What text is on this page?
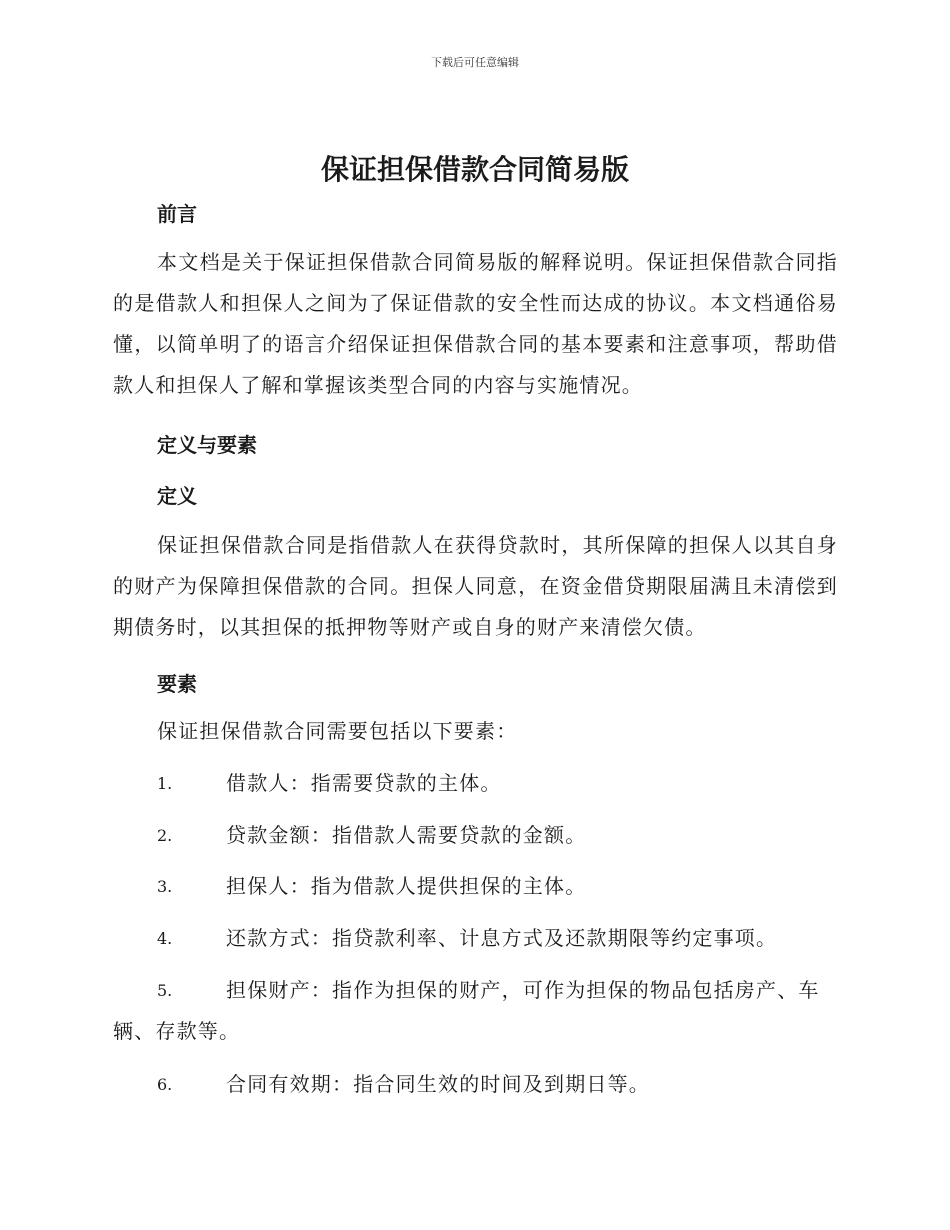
下载后可任意编辑
保证担保借款合同简易版
前言
本文档是关于保证担保借款合同简易版的解释说明。保证担保借款合同指的是借款人和担保人之间为了保证借款的安全性而达成的协议。本文档通俗易懂，以简单明了的语言介绍保证担保借款合同的基本要素和注意事项，帮助借款人和担保人了解和掌握该类型合同的内容与实施情况。
定义与要素
定义
保证担保借款合同是指借款人在获得贷款时，其所保障的担保人以其自身的财产为保障担保借款的合同。担保人同意，在资金借贷期限届满且未清偿到期债务时，以其担保的抵押物等财产或自身的财产来清偿欠债。
要素
保证担保借款合同需要包括以下要素：
1.	借款人：指需要贷款的主体。
2.	贷款金额：指借款人需要贷款的金额。
3.	担保人：指为借款人提供担保的主体。
4.	还款方式：指贷款利率、计息方式及还款期限等约定事项。
5.	担保财产：指作为担保的财产，可作为担保的物品包括房产、车辆、存款等。
6.	合同有效期：指合同生效的时间及到期日等。
